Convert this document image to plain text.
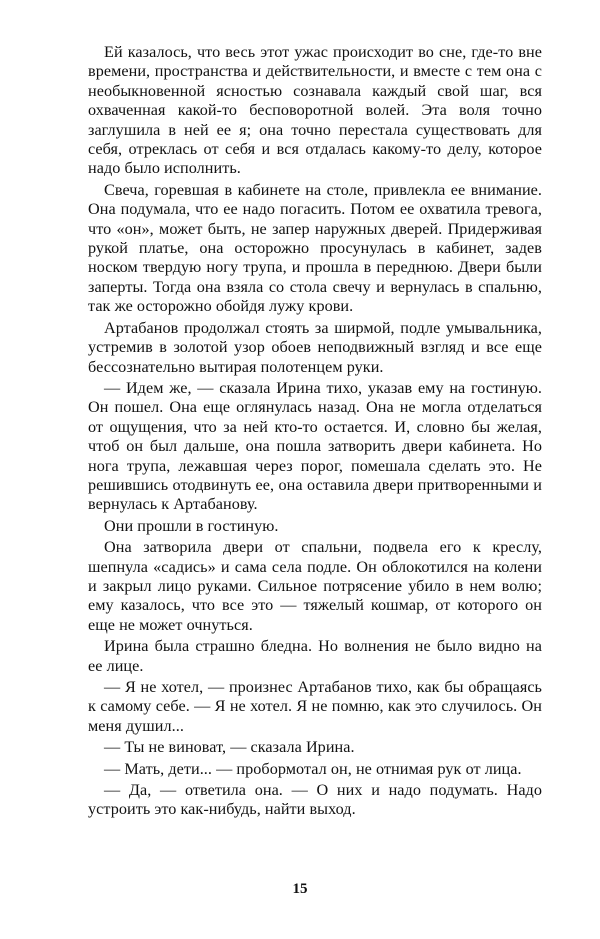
Ей казалось, что весь этот ужас происходит во сне, где-то вне времени, пространства и действительности, и вместе с тем она с необыкновенной ясностью сознавала каждый свой шаг, вся охваченная какой-то бесповоротной волей. Эта воля точно заглушила в ней ее я; она точно перестала существовать для себя, отреклась от себя и вся отдалась какому-то делу, которое надо было исполнить.

Свеча, горевшая в кабинете на столе, привлекла ее внимание. Она подумала, что ее надо погасить. Потом ее охватила тревога, что «он», может быть, не запер наружных дверей. Придерживая рукой платье, она осторожно просунулась в кабинет, задев носком твердую ногу трупа, и прошла в переднюю. Двери были заперты. Тогда она взяла со стола свечу и вернулась в спальню, так же осторожно обойдя лужу крови.

Артабанов продолжал стоять за ширмой, подле умывальника, устремив в золотой узор обоев неподвижный взгляд и все еще бессознательно вытирая полотенцем руки.

— Идем же, — сказала Ирина тихо, указав ему на гостиную. Он пошел. Она еще оглянулась назад. Она не могла отделаться от ощущения, что за ней кто-то остается. И, словно бы желая, чтоб он был дальше, она пошла затворить двери кабинета. Но нога трупа, лежавшая через порог, помешала сделать это. Не решившись отодвинуть ее, она оставила двери притворенными и вернулась к Артабанову.

Они прошли в гостиную.

Она затворила двери от спальни, подвела его к креслу, шепнула «садись» и сама села подле. Он облокотился на колени и закрыл лицо руками. Сильное потрясение убило в нем волю; ему казалось, что все это — тяжелый кошмар, от которого он еще не может очнуться.

Ирина была страшно бледна. Но волнения не было видно на ее лице.

— Я не хотел, — произнес Артабанов тихо, как бы обращаясь к самому себе. — Я не хотел. Я не помню, как это случилось. Он меня душил...

— Ты не виноват, — сказала Ирина.

— Мать, дети... — пробормотал он, не отнимая рук от лица.

— Да, — ответила она. — О них и надо подумать. Надо устроить это как-нибудь, найти выход.

15
